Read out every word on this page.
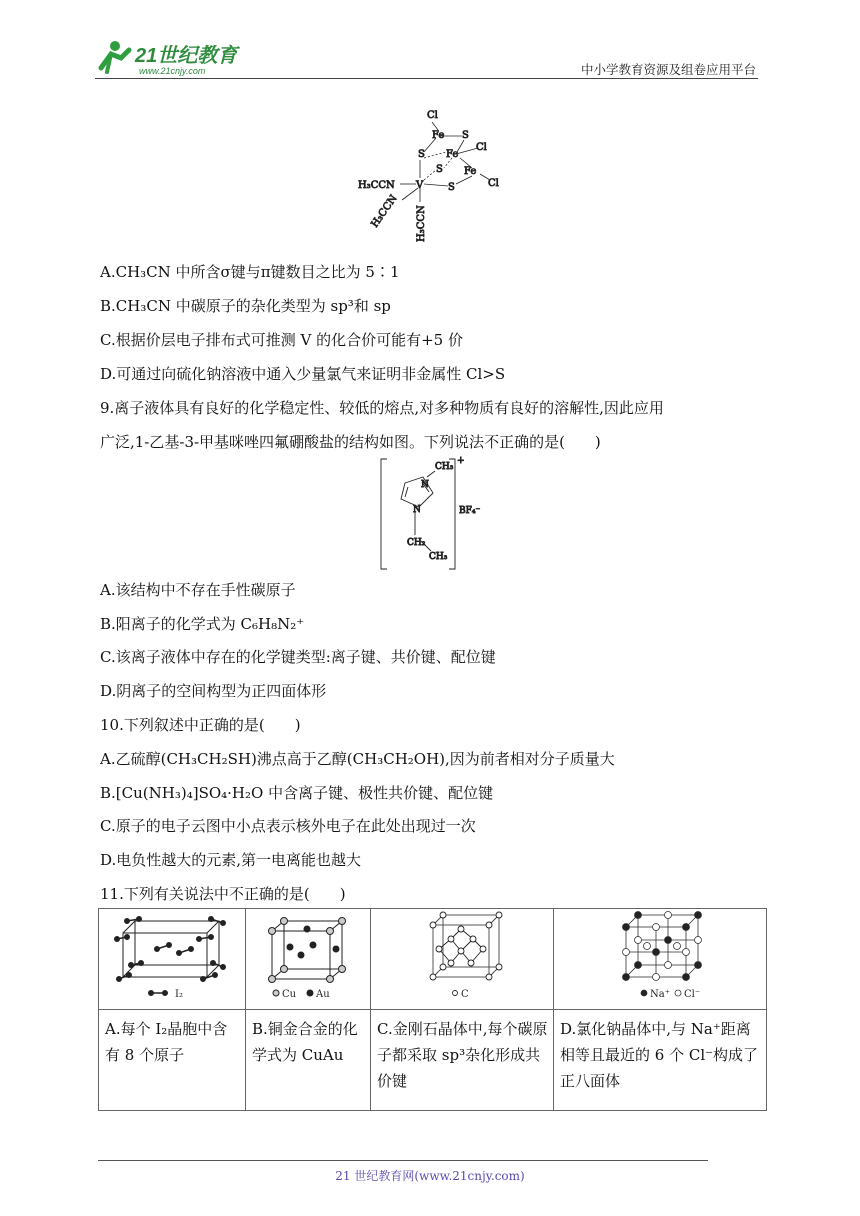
21世纪教育
www.21cnjy.com	中小学教育资源及组卷应用平台
Cl
Fe S
S Fe
Cl
S Fe
Cl
H₃CCN V S
H₃CCN H₃CCN
A.CH₃CN 中所含σ键与π键数目之比为 5∶1
B.CH₃CN 中碳原子的杂化类型为 sp³和 sp
C.根据价层电子排布式可推测 V 的化合价可能有+5 价
D.可通过向硫化钠溶液中通入少量氯气来证明非金属性 Cl>S
9.离子液体具有良好的化学稳定性、较低的熔点,对多种物质有良好的溶解性,因此应用
广泛,1-乙基-3-甲基咪唑四氟硼酸盐的结构如图。下列说法不正确的是(　　)
CH₃
N
N
CH₂
CH₃
+
BF₄⁻
A.该结构中不存在手性碳原子
B.阳离子的化学式为 C₆H₈N₂⁺
C.该离子液体中存在的化学键类型:离子键、共价键、配位键
D.阴离子的空间构型为正四面体形
10.下列叙述中正确的是(　　)
A.乙硫醇(CH₃CH₂SH)沸点高于乙醇(CH₃CH₂OH),因为前者相对分子质量大
B.[Cu(NH₃)₄]SO₄·H₂O 中含离子键、极性共价键、配位键
C.原子的电子云图中小点表示核外电子在此处出现过一次
D.电负性越大的元素,第一电离能也越大
11.下列有关说法中不正确的是(　　)
I₂	Cu Au	C	Na⁺ Cl⁻

A.每个 I₂晶胞中含有 8 个原子	B.铜金合金的化学式为 CuAu	C.金刚石晶体中,每个碳原子都采取 sp³杂化形成共价键	D.氯化钠晶体中,与 Na⁺距离相等且最近的 6 个 Cl⁻构成了正八面体
21 世纪教育网(www.21cnjy.com)
